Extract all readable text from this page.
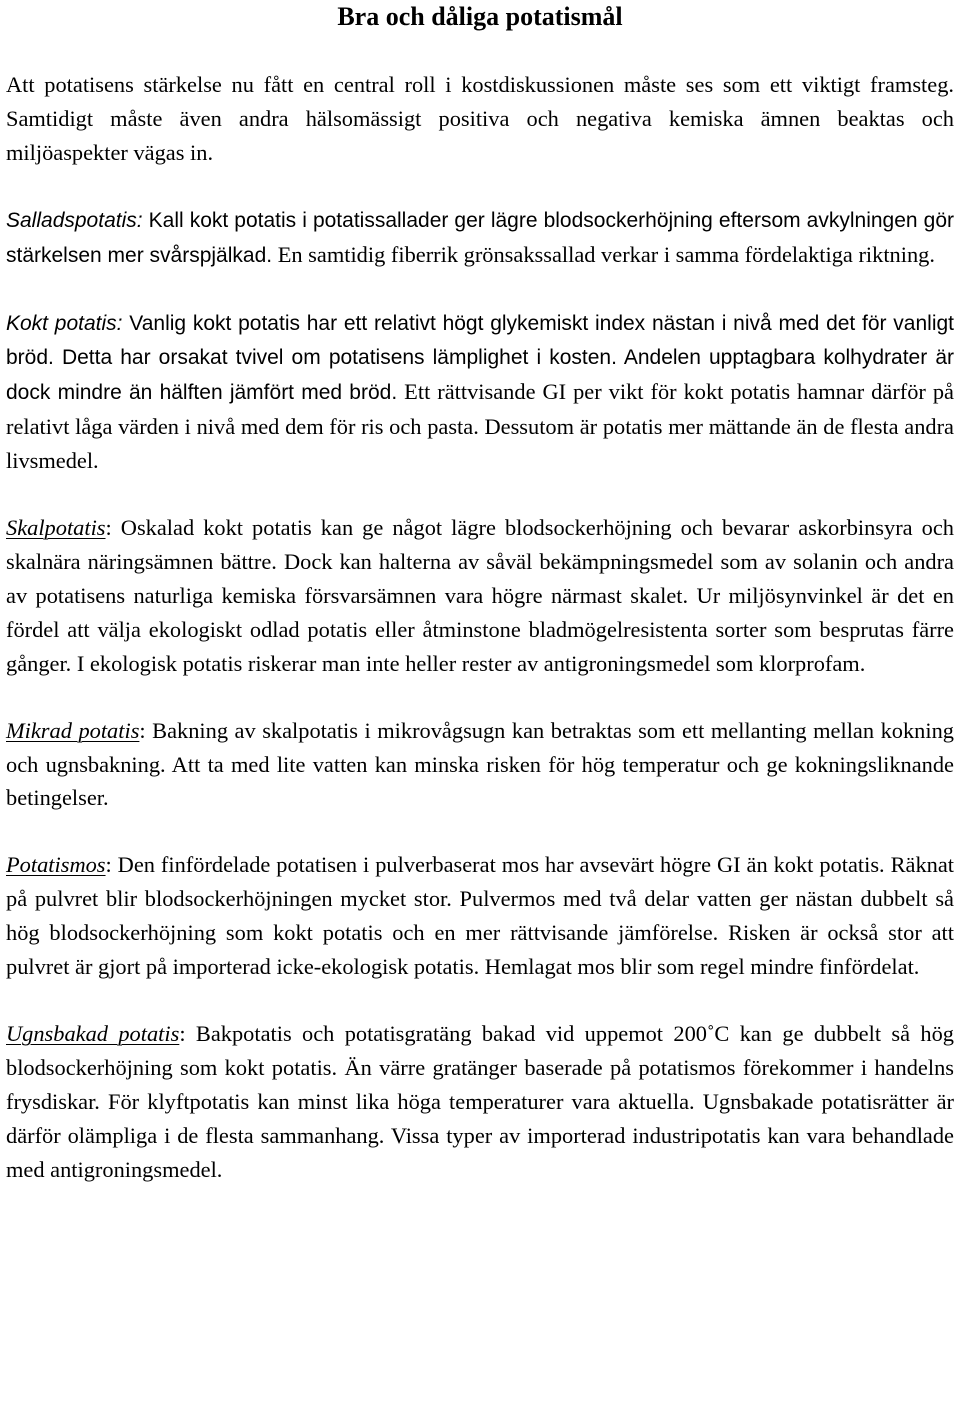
Bra och dåliga potatismål

Att potatisens stärkelse nu fått en central roll i kostdiskussionen måste ses som ett viktigt framsteg. Samtidigt måste även andra hälsomässigt positiva och negativa kemiska ämnen beaktas och miljöaspekter vägas in.

Salladspotatis: Kall kokt potatis i potatissallader ger lägre blodsockerhöjning eftersom avkylningen gör stärkelsen mer svårspjälkad. En samtidig fiberrik grönsakssallad verkar i samma fördelaktiga riktning.

Kokt potatis: Vanlig kokt potatis har ett relativt högt glykemiskt index nästan i nivå med det för vanligt bröd. Detta har orsakat tvivel om potatisens lämplighet i kosten. Andelen upptagbara kolhydrater är dock mindre än hälften jämfört med bröd. Ett rättvisande GI per vikt för kokt potatis hamnar därför på relativt låga värden i nivå med dem för ris och pasta. Dessutom är potatis mer mättande än de flesta andra livsmedel.

Skalpotatis: Oskalad kokt potatis kan ge något lägre blodsockerhöjning och bevarar askorbinsyra och skalnära näringsämnen bättre. Dock kan halterna av såväl bekämpningsmedel som av solanin och andra av potatisens naturliga kemiska försvarsämnen vara högre närmast skalet. Ur miljösynvinkel är det en fördel att välja ekologiskt odlad potatis eller åtminstone bladmögelresistenta sorter som besprutas färre gånger. I ekologisk potatis riskerar man inte heller rester av antigroningsmedel som klorprofam.

Mikrad potatis: Bakning av skalpotatis i mikrovågsugn kan betraktas som ett mellanting mellan kokning och ugnsbakning. Att ta med lite vatten kan minska risken för hög temperatur och ge kokningsliknande betingelser.

Potatismos: Den finfördelade potatisen i pulverbaserat mos har avsevärt högre GI än kokt potatis. Räknat på pulvret blir blodsockerhöjningen mycket stor. Pulvermos med två delar vatten ger nästan dubbelt så hög blodsockerhöjning som kokt potatis och en mer rättvisande jämförelse. Risken är också stor att pulvret är gjort på importerad icke-ekologisk potatis. Hemlagat mos blir som regel mindre finfördelat.

Ugnsbakad potatis: Bakpotatis och potatisgratäng bakad vid uppemot 200˚C kan ge dubbelt så hög blodsockerhöjning som kokt potatis. Än värre gratänger baserade på potatismos förekommer i handelns frysdiskar. För klyftpotatis kan minst lika höga temperaturer vara aktuella. Ugnsbakade potatisrätter är därför olämpliga i de flesta sammanhang. Vissa typer av importerad industripotatis kan vara behandlade med antigroningsmedel.
